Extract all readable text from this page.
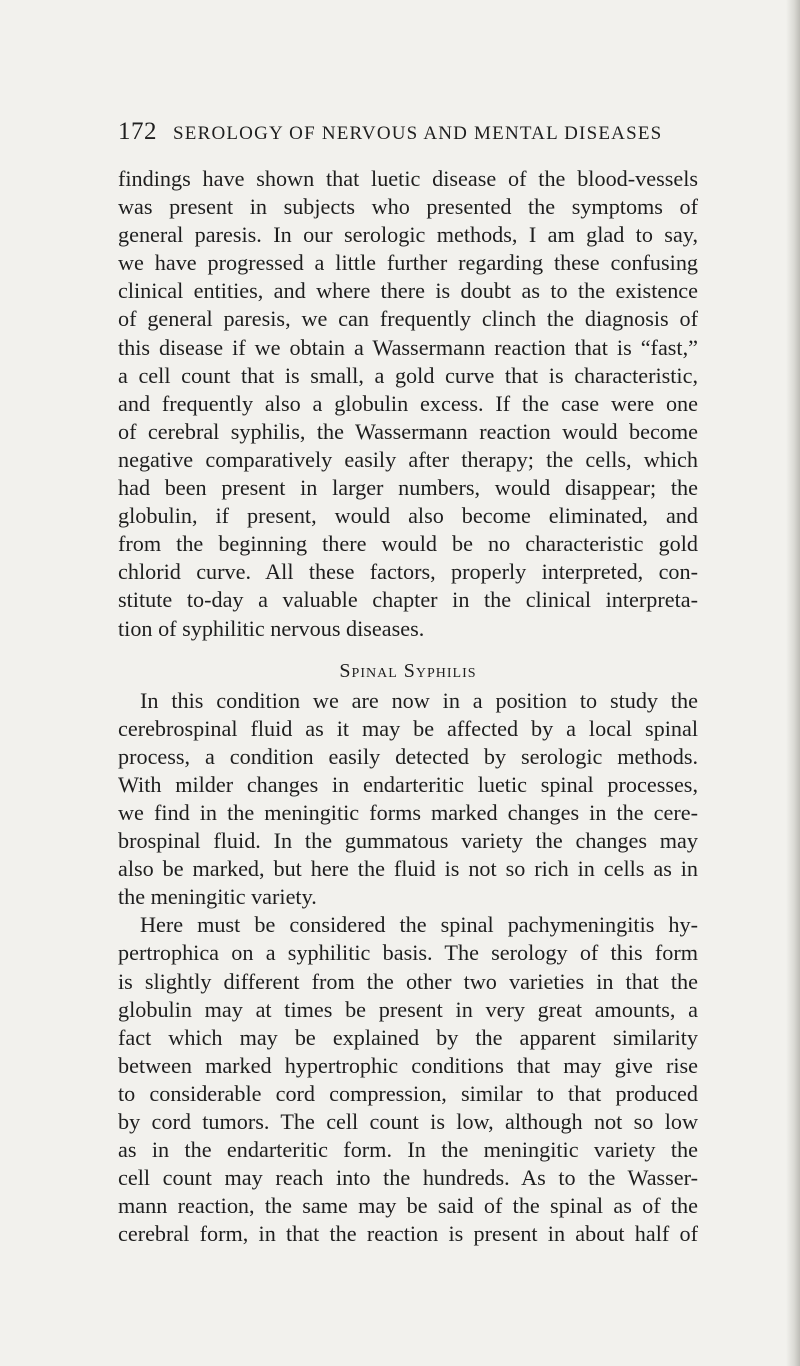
172 SEROLOGY OF NERVOUS AND MENTAL DISEASES
findings have shown that luetic disease of the blood-vessels
was present in subjects who presented the symptoms of
general paresis. In our serologic methods, I am glad to say,
we have progressed a little further regarding these confusing
clinical entities, and where there is doubt as to the existence
of general paresis, we can frequently clinch the diagnosis of
this disease if we obtain a Wassermann reaction that is “fast,”
a cell count that is small, a gold curve that is characteristic,
and frequently also a globulin excess. If the case were one
of cerebral syphilis, the Wassermann reaction would become
negative comparatively easily after therapy; the cells, which
had been present in larger numbers, would disappear; the
globulin, if present, would also become eliminated, and
from the beginning there would be no characteristic gold
chlorid curve. All these factors, properly interpreted, con-
stitute to-day a valuable chapter in the clinical interpreta-
tion of syphilitic nervous diseases.
Spinal Syphilis
In this condition we are now in a position to study the
cerebrospinal fluid as it may be affected by a local spinal
process, a condition easily detected by serologic methods.
With milder changes in endarteritic luetic spinal processes,
we find in the meningitic forms marked changes in the cere-
brospinal fluid. In the gummatous variety the changes may
also be marked, but here the fluid is not so rich in cells as in
the meningitic variety.
Here must be considered the spinal pachymeningitis hy-
pertrophica on a syphilitic basis. The serology of this form
is slightly different from the other two varieties in that the
globulin may at times be present in very great amounts, a
fact which may be explained by the apparent similarity
between marked hypertrophic conditions that may give rise
to considerable cord compression, similar to that produced
by cord tumors. The cell count is low, although not so low
as in the endarteritic form. In the meningitic variety the
cell count may reach into the hundreds. As to the Wasser-
mann reaction, the same may be said of the spinal as of the
cerebral form, in that the reaction is present in about half of
